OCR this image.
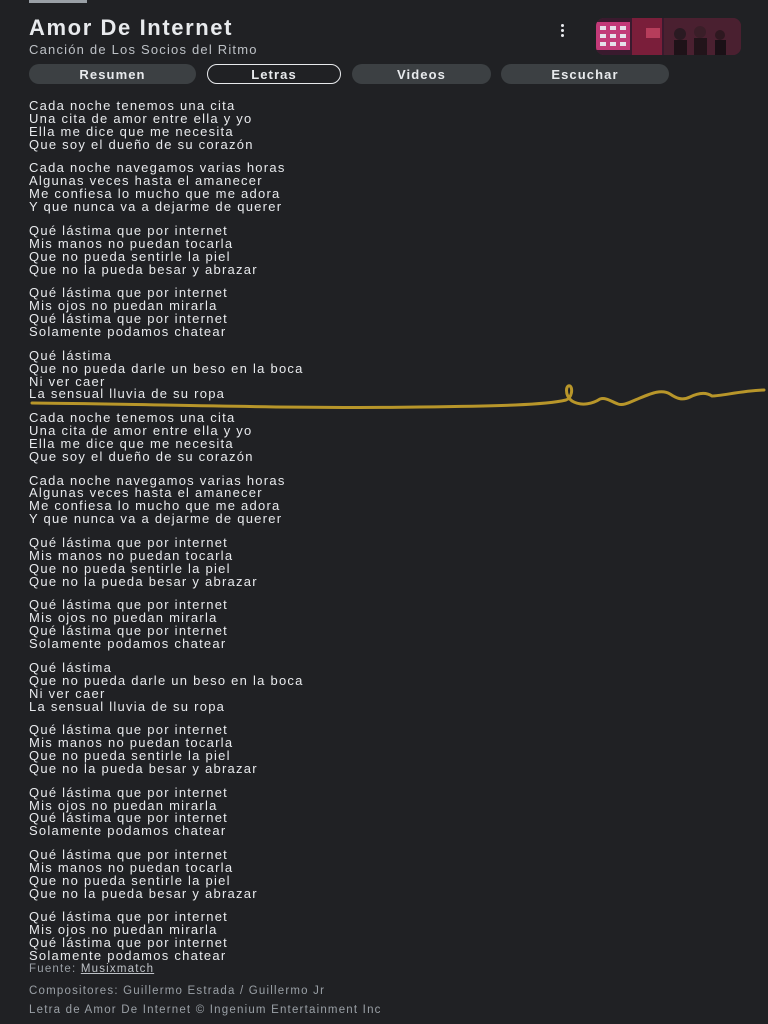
Amor De Internet
Canción de Los Socios del Ritmo
Resumen	Letras	Videos	Escuchar
Cada noche tenemos una cita
Una cita de amor entre ella y yo
Ella me dice que me necesita
Que soy el dueño de su corazón
Cada noche navegamos varias horas
Algunas veces hasta el amanecer
Me confiesa lo mucho que me adora
Y que nunca va a dejarme de querer
Qué lástima que por internet
Mis manos no puedan tocarla
Que no pueda sentirle la piel
Que no la pueda besar y abrazar
Qué lástima que por internet
Mis ojos no puedan mirarla
Qué lástima que por internet
Solamente podamos chatear
Qué lástima
Que no pueda darle un beso en la boca
Ni ver caer
La sensual lluvia de su ropa
Cada noche tenemos una cita
Una cita de amor entre ella y yo
Ella me dice que me necesita
Que soy el dueño de su corazón
Cada noche navegamos varias horas
Algunas veces hasta el amanecer
Me confiesa lo mucho que me adora
Y que nunca va a dejarme de querer
Qué lástima que por internet
Mis manos no puedan tocarla
Que no pueda sentirle la piel
Que no la pueda besar y abrazar
Qué lástima que por internet
Mis ojos no puedan mirarla
Qué lástima que por internet
Solamente podamos chatear
Qué lástima
Que no pueda darle un beso en la boca
Ni ver caer
La sensual lluvia de su ropa
Qué lástima que por internet
Mis manos no puedan tocarla
Que no pueda sentirle la piel
Que no la pueda besar y abrazar
Qué lástima que por internet
Mis ojos no puedan mirarla
Qué lástima que por internet
Solamente podamos chatear
Qué lástima que por internet
Mis manos no puedan tocarla
Que no pueda sentirle la piel
Que no la pueda besar y abrazar
Qué lástima que por internet
Mis ojos no puedan mirarla
Qué lástima que por internet
Solamente podamos chatear
Fuente: Musixmatch
Compositores: Guillermo Estrada / Guillermo Jr
Letra de Amor De Internet © Ingenium Entertainment Inc
